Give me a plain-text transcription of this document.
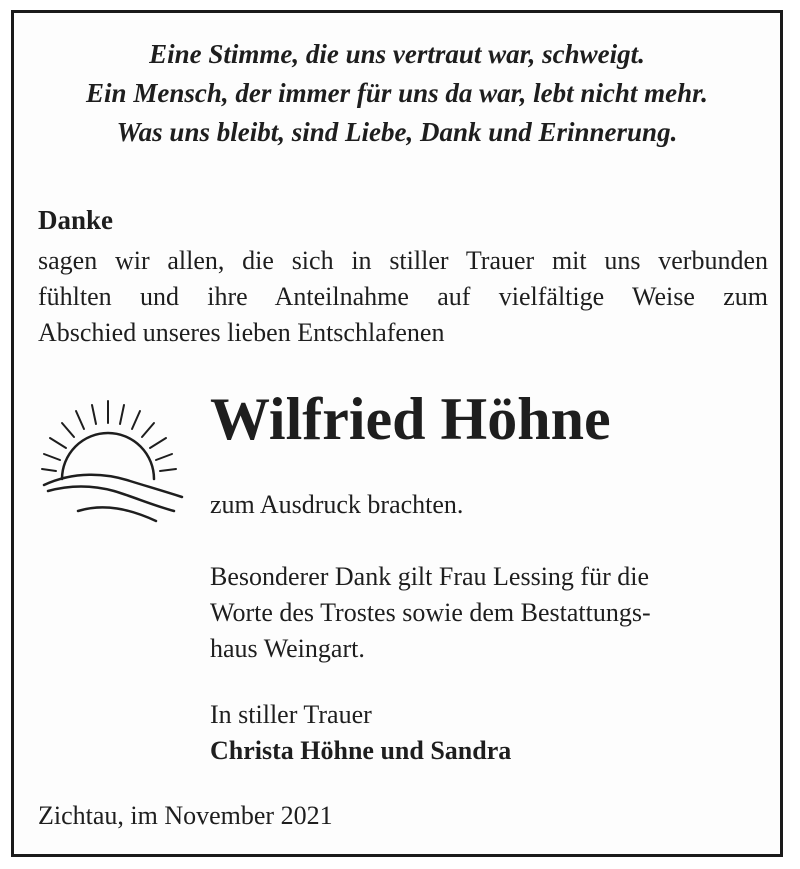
Eine Stimme, die uns vertraut war, schweigt.
Ein Mensch, der immer für uns da war, lebt nicht mehr.
Was uns bleibt, sind Liebe, Dank und Erinnerung.
Danke
sagen wir allen, die sich in stiller Trauer mit uns verbunden
fühlten und ihre Anteilnahme auf vielfältige Weise zum
Abschied unseres lieben Entschlafenen
Wilfried Höhne
zum Ausdruck brachten.
Besonderer Dank gilt Frau Lessing für die
Worte des Trostes sowie dem Bestattungs-
haus Weingart.
In stiller Trauer
Christa Höhne und Sandra
Zichtau, im November 2021
